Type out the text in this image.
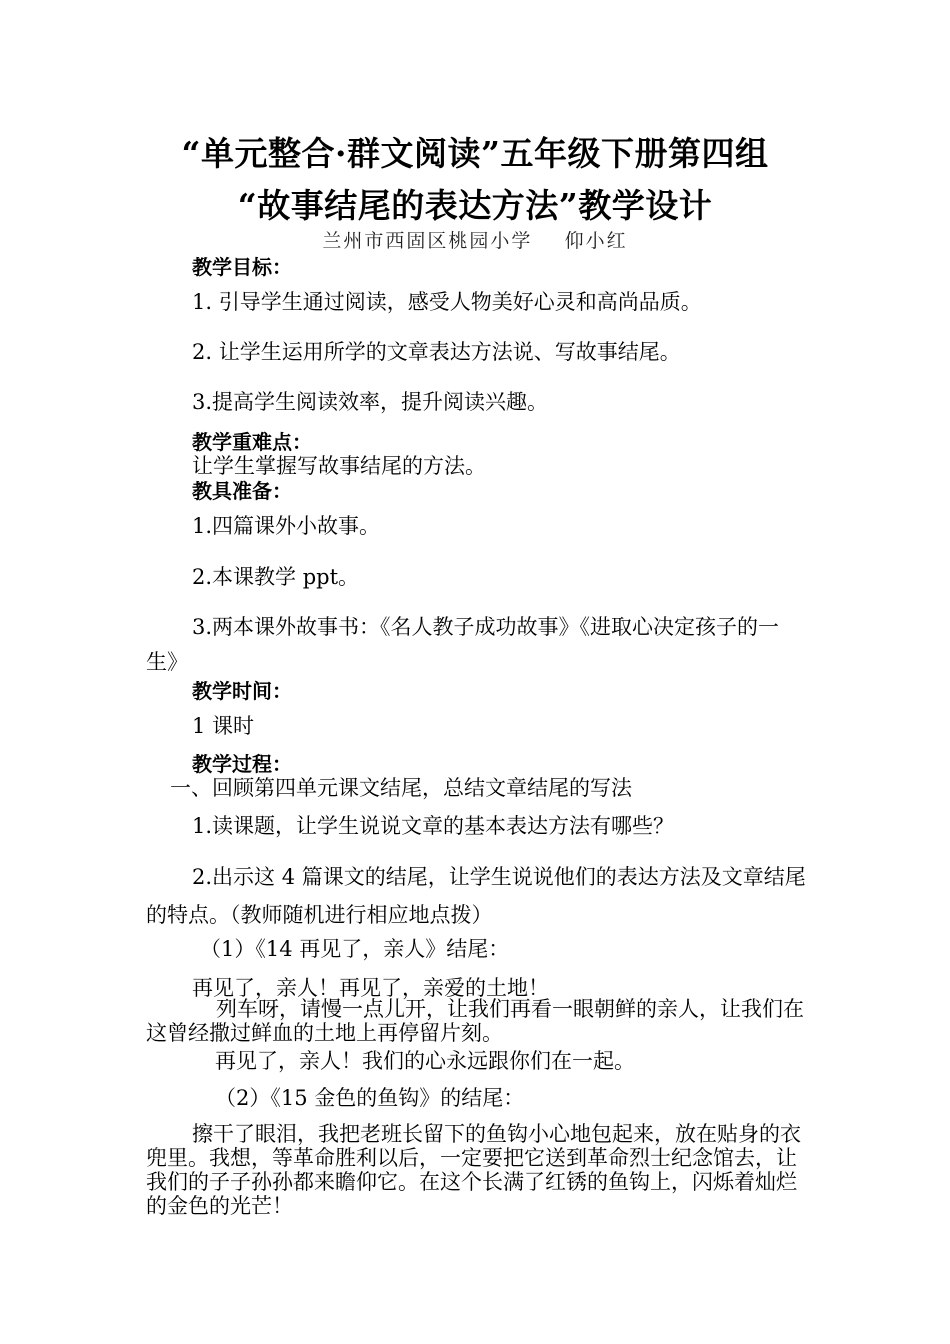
“单元整合·群文阅读”五年级下册第四组
“故事结尾的表达方法”教学设计
兰州市西固区桃园小学    仰小红
教学目标：
1. 引导学生通过阅读，感受人物美好心灵和高尚品质。
2. 让学生运用所学的文章表达方法说、写故事结尾。
3.提高学生阅读效率，提升阅读兴趣。
教学重难点：
让学生掌握写故事结尾的方法。
教具准备：
1.四篇课外小故事。
2.本课教学 ppt。
3.两本课外故事书：《名人教子成功故事》《进取心决定孩子的一生》
教学时间：
1 课时
教学过程：
一、回顾第四单元课文结尾，总结文章结尾的写法
1.读课题，让学生说说文章的基本表达方法有哪些？
2.出示这 4 篇课文的结尾，让学生说说他们的表达方法及文章结尾的特点。（教师随机进行相应地点拨）
（1）《14 再见了，亲人》结尾：
再见了，亲人！再见了，亲爱的土地！
列车呀，请慢一点儿开，让我们再看一眼朝鲜的亲人，让我们在这曾经撒过鲜血的土地上再停留片刻。
再见了，亲人！我们的心永远跟你们在一起。
（2）《15 金色的鱼钩》的结尾：
擦干了眼泪，我把老班长留下的鱼钩小心地包起来，放在贴身的衣兜里。我想，等革命胜利以后，一定要把它送到革命烈士纪念馆去，让我们的子子孙孙都来瞻仰它。在这个长满了红锈的鱼钩上，闪烁着灿烂的金色的光芒！
